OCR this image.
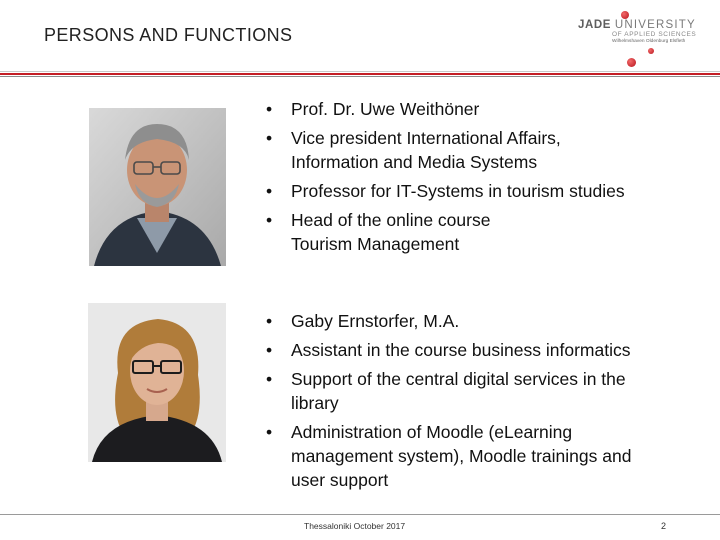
PERSONS AND FUNCTIONS	JADE UNIVERSITY
OF APPLIED SCIENCES
Wilhelmshaven Oldenburg Elsfleth
• Prof. Dr. Uwe Weithöner
• Vice president International Affairs,
Information and Media Systems
• Professor for IT-Systems in tourism studies
• Head of the online course
Tourism Management
• Gaby Ernstorfer, M.A.
• Assistant in the course business informatics
• Support of the central digital services in the
library
• Administration of Moodle (eLearning
management system), Moodle trainings and
user support
Thessaloniki October 2017	2
